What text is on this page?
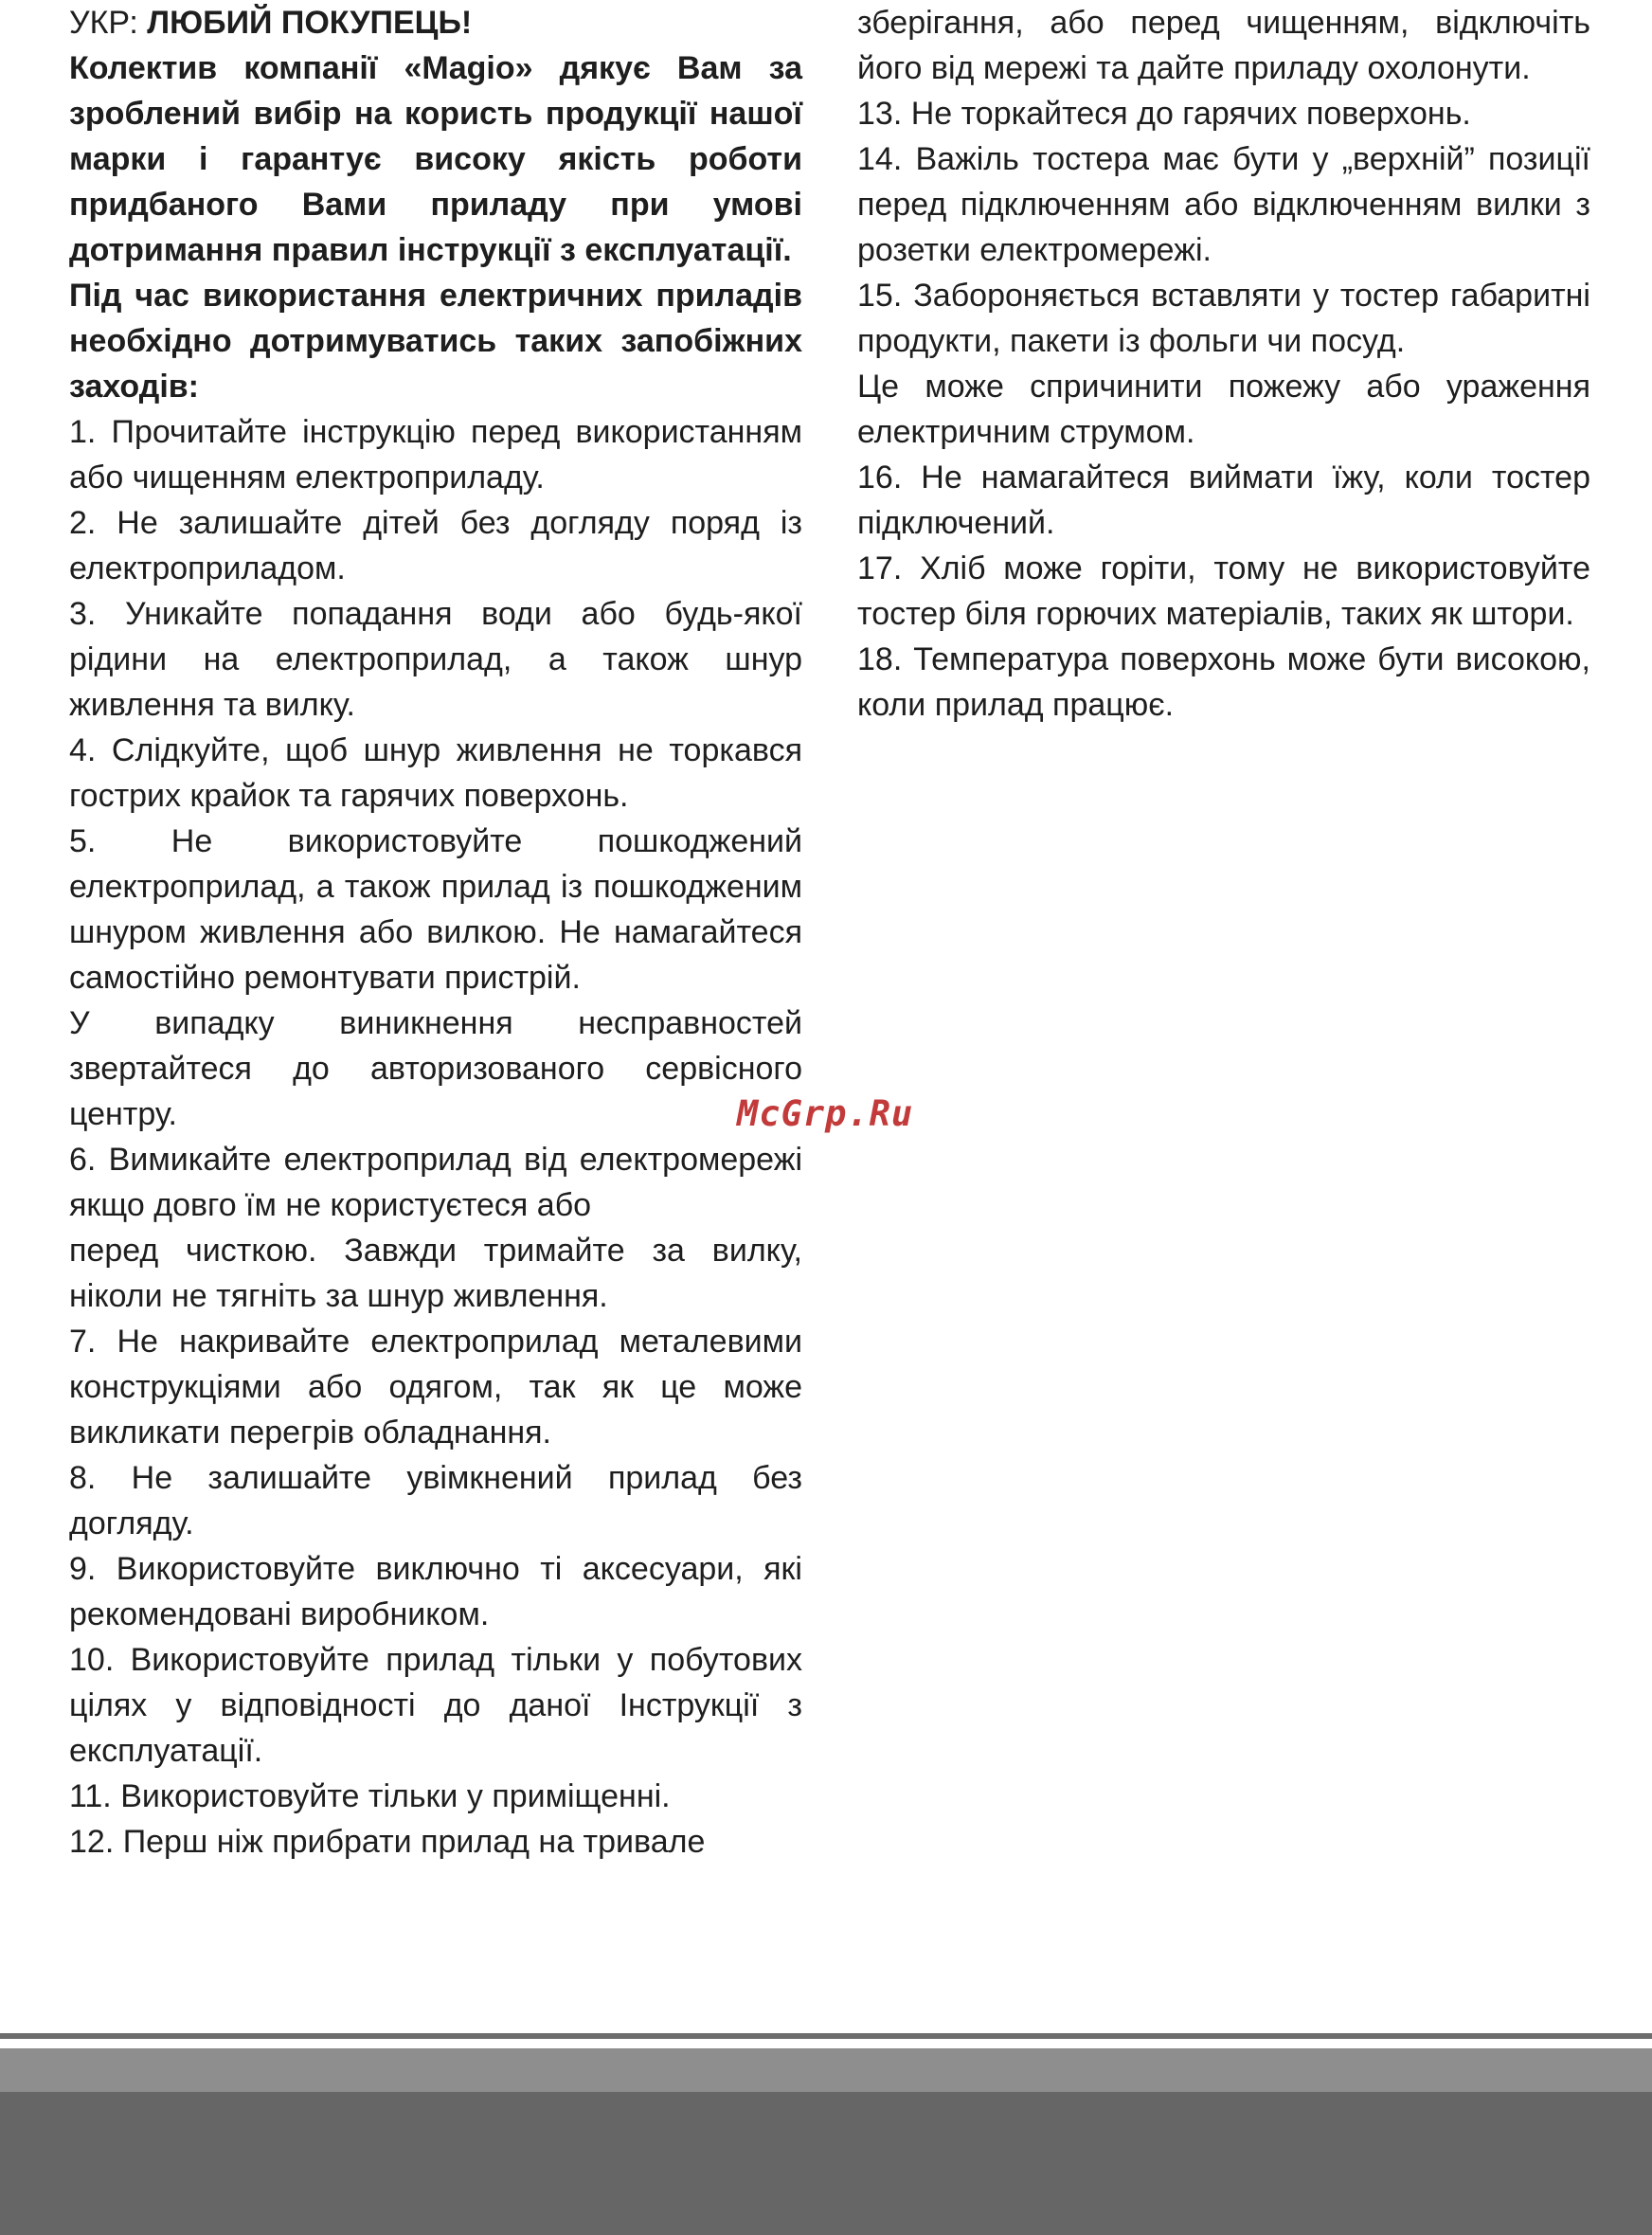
УКР: ЛЮБИЙ ПОКУПЕЦЬ!

Колектив компанії «Magio» дякує Вам за зроблений вибір на користь продукції нашої марки і гарантує високу якість роботи придбаного Вами приладу при умові дотримання правил інструкції з експлуатації.

Під час використання електричних приладів необхідно дотримуватись таких запобіжних заходів:

1. Прочитайте інструкцію перед використанням або чищенням електроприладу.

2. Не залишайте дітей без догляду поряд із електроприладом.

3. Уникайте попадання води або будь-якої рідини на електроприлад, а також шнур живлення та вилку.

4. Слідкуйте, щоб шнур живлення не торкався гострих крайок та гарячих поверхонь.

5. Не використовуйте пошкоджений електроприлад, а також прилад із пошкодженим шнуром живлення або вилкою. Не намагайтеся самостійно ремонтувати пристрій.

У випадку виникнення несправностей звертайтеся до авторизованого сервісного центру.

6. Вимикайте електроприлад від електромережі якщо довго їм не користуєтеся або

перед чисткою. Завжди тримайте за вилку, ніколи не тягніть за шнур живлення.

7. Не накривайте електроприлад металевими конструкціями або одягом, так як це може викликати перегрів обладнання.

8. Не залишайте увімкнений прилад без догляду.

9. Використовуйте виключно ті аксесуари, які рекомендовані виробником.

10. Використовуйте прилад тільки у побутових цілях у відповідності до даної Інструкції з експлуатації.

11. Використовуйте тільки у приміщенні.

12. Перш ніж прибрати прилад на тривале

зберігання, або перед чищенням, відключіть його від мережі та дайте приладу охолонути.

13. Не торкайтеся до гарячих поверхонь.

14. Важіль тостера має бути у „верхній” позиції перед підключенням або відключенням вилки з розетки електромережі.

15. Забороняється вставляти у тостер габаритні продукти, пакети із фольги чи посуд.

Це може спричинити пожежу або ураження електричним струмом.

16. Не намагайтеся виймати їжу, коли тостер підключений.

17. Хліб може горіти, тому не використовуйте тостер біля горючих матеріалів, таких як штори.

18. Температура поверхонь може бути високою, коли прилад працює.

McGrp.Ru
